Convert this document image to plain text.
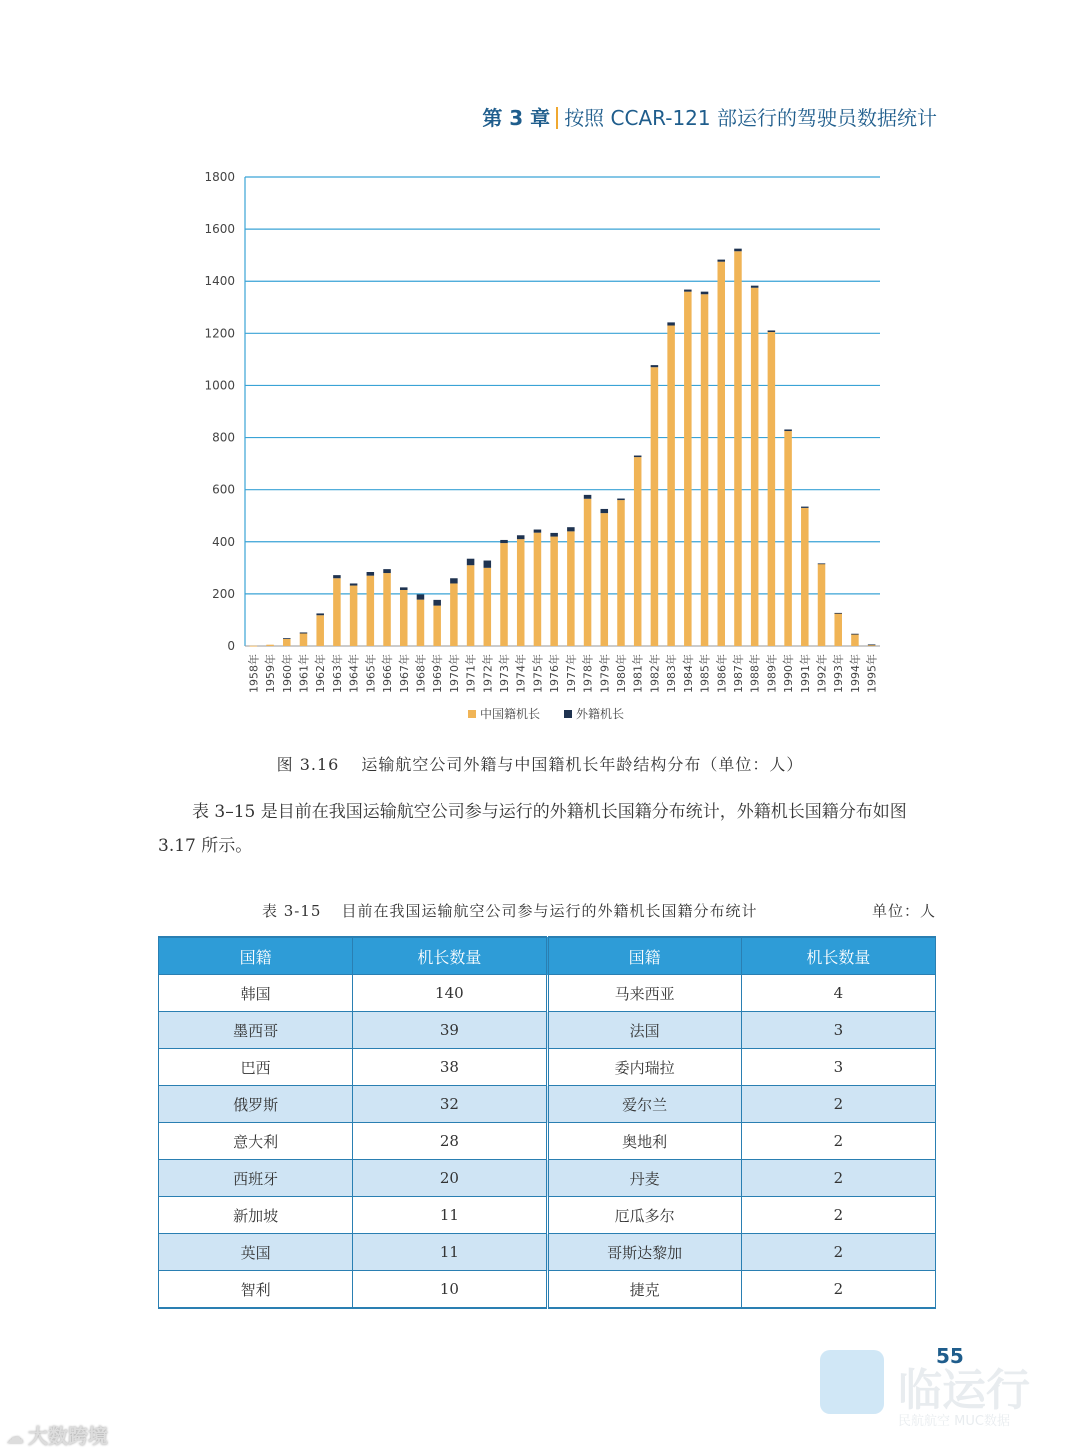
第 3 章 按照 CCAR-121 部运行的驾驶员数据统计
0
200
400
600
800
1000
1200
1400
1600
1800
1958年 1959年 1960年 1961年 1962年 1963年 1964年 1965年 1966年 1967年 1968年 1969年 1970年 1971年 1972年 1973年 1974年 1975年 1976年 1977年 1978年 1979年 1980年 1981年 1982年 1983年 1984年 1985年 1986年 1987年 1988年 1989年 1990年 1991年 1992年 1993年 1994年 1995年
中国籍机长	外籍机长
图 3.16 运输航空公司外籍与中国籍机长年龄结构分布（单位：人）
表 3–15 是目前在我国运输航空公司参与运行的外籍机长国籍分布统计，外籍机长国籍分布如图 3.17 所示。
表 3-15 目前在我国运输航空公司参与运行的外籍机长国籍分布统计	单位：人
国籍	机长数量	国籍	机长数量
韩国	140	马来西亚	4
墨西哥	39	法国	3
巴西	38	委内瑞拉	3
俄罗斯	32	爱尔兰	2
意大利	28	奥地利	2
西班牙	20	丹麦	2
新加坡	11	厄瓜多尔	2
英国	11	哥斯达黎加	2
智利	10	捷克	2
55
临运行
民航航空 MUC数据
☁ 大数跨境
